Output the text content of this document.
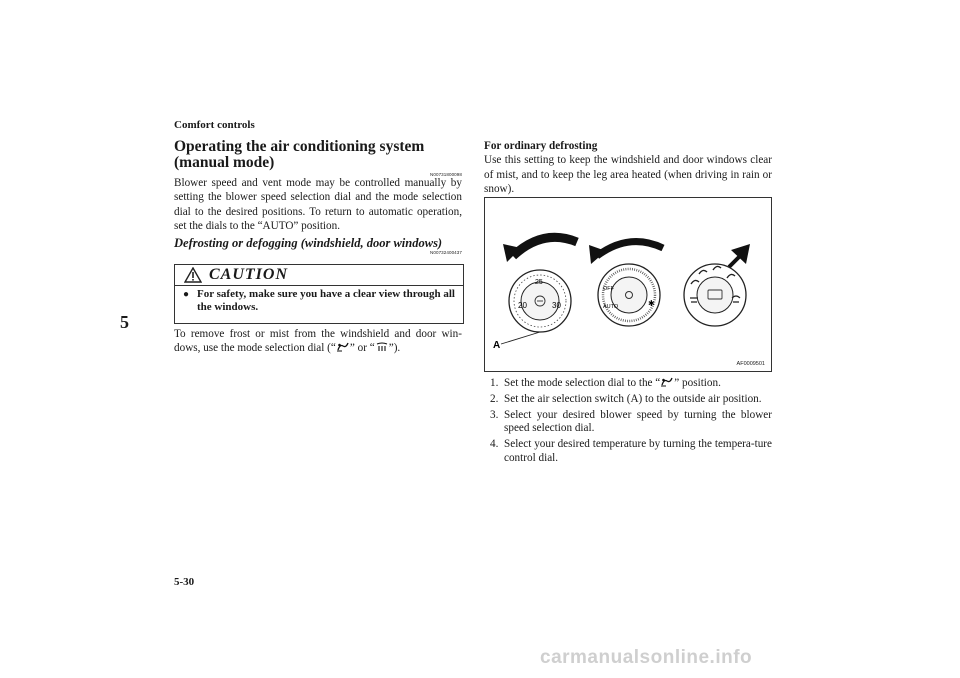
Comfort controls
5
Operating the air conditioning system (manual mode)
N00731800098
Blower speed and vent mode may be controlled manually by setting the blower speed selection dial and the mode selection dial to the desired positions. To return to automatic operation, set the dials to the “AUTO” position.
Defrosting or defogging (windshield, door windows)
N00732400437
CAUTION
● For safety, make sure you have a clear view through all the windows.
To remove frost or mist from the windshield and door win-dows, use the mode selection dial (“ ” or “ ”).
For ordinary defrosting
Use this setting to keep the windshield and door windows clear of mist, and to keep the leg area heated (when driving in rain or snow).
20
25
30
A
OFF
AUTO	✱
AF0009501
1. Set the mode selection dial to the “ ” position.
2. Set the air selection switch (A) to the outside air position.
3. Select your desired blower speed by turning the blower speed selection dial.
4. Select your desired temperature by turning the tempera-ture control dial.
5-30
carmanualsonline.info
